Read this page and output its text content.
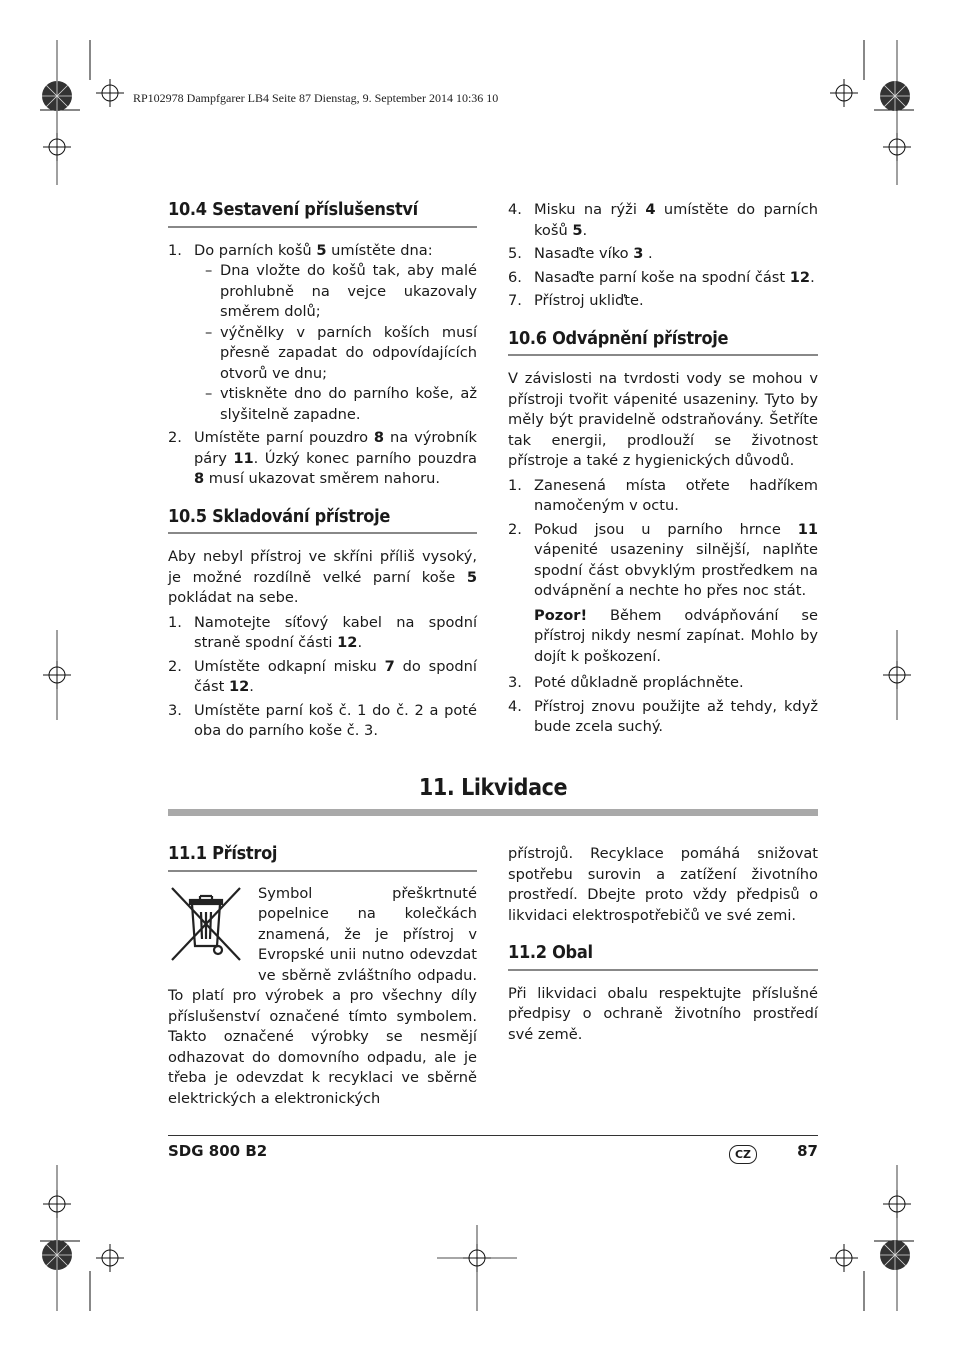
RP102978 Dampfgarer LB4 Seite 87 Dienstag, 9. September 2014 10:36 10
10.4 Sestavení příslušenství
1. Do parních košů 5 umístěte dna:
– Dna vložte do košů tak, aby malé prohlubně na vejce ukazovaly směrem dolů;
– výčnělky v parních koších musí přesně zapadat do odpovídajících otvorů ve dnu;
– vtiskněte dno do parního koše, až slyšitelně zapadne.
2. Umístěte parní pouzdro 8 na výrobník páry 11. Úzký konec parního pouzdra 8 musí ukazovat směrem nahoru.
10.5 Skladování přístroje

Aby nebyl přístroj ve skříni příliš vysoký, je možné rozdílně velké parní koše 5 pokládat na sebe.

1. Namotejte síťový kabel na spodní straně spodní části 12.
2. Umístěte odkapní misku 7 do spodní část 12.
3. Umístěte parní koš č. 1 do č. 2 a poté oba do parního koše č. 3.
4. Misku na rýži 4 umístěte do parních košů 5.
5. Nasaďte víko 3 .
6. Nasaďte parní koše na spodní část 12.
7. Přístroj ukliďte.
10.6 Odvápnění přístroje

V závislosti na tvrdosti vody se mohou v přístroji tvořit vápenité usazeniny. Tyto by měly být pravidelně odstraňovány. Šetříte tak energii, prodlouží se životnost přístroje a také z hygienických důvodů.

1. Zanesená místa otřete hadříkem namočeným v octu.
2. Pokud jsou u parního hrnce 11 vápenité usazeniny silnější, naplňte spodní část obvyklým prostředkem na odvápnění a nechte ho přes noc stát.

Pozor! Během odvápňování se přístroj nikdy nesmí zapínat. Mohlo by dojít k poškození.

3. Poté důkladně propláchněte.
4. Přístroj znovu použijte až tehdy, když bude zcela suchý.
11. Likvidace
11.1 Přístroj

Symbol přeškrtnuté popelnice na kolečkách znamená, že je přístroj v Evropské unii nutno odevzdat ve sběrně zvláštního odpadu. To platí pro výrobek a pro všechny díly příslušenství označené tímto symbolem. Takto označené výrobky se nesmějí odhazovat do domovního odpadu, ale je třeba je odevzdat k recyklaci ve sběrně elektrických a elektronických

přístrojů. Recyklace pomáhá snižovat spotřebu surovin a zatížení životního prostředí. Dbejte proto vždy předpisů o likvidaci elektrospotřebičů ve své zemi.

11.2 Obal

Při likvidaci obalu respektujte příslušné předpisy o ochraně životního prostředí své země.

SDG 800 B2	CZ	87
